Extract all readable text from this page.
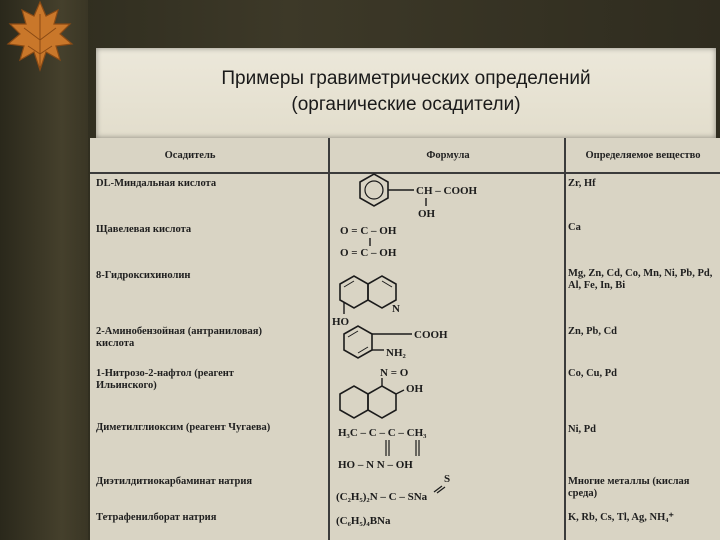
Примеры гравиметрических определений
(органические осадители)
Осадитель	Формула	Определяемое вещество
DL-Миндальная кислота
Щавелевая кислота
8-Гидроксихинолин
2-Аминобензойная (антраниловая) кислота
1-Нитрозо-2-нафтол (реагент Ильинского)
Диметилглиоксим (реагент Чугаева)
Диэтилдитиокарбаминат натрия
Тетрафенилборат натрия
Zr, Hf
Ca
Mg, Zn, Cd, Co, Mn, Ni, Pb, Pd, Al, Fe, In, Bi
Zn, Pb, Cd
Co, Cu, Pd
Ni, Pd
Многие металлы (кислая среда)
K, Rb, Cs, Tl, Ag, NH₄⁺
CH – COOH
OH
O = C – OH
O = C – OH
N
HO
COOH
NH₂
N = O
OH
H₃C – C – C – CH₃
HO – N N – OH
S
(C₂H₅)₂N – C – SNa
(C₆H₅)₄BNa
